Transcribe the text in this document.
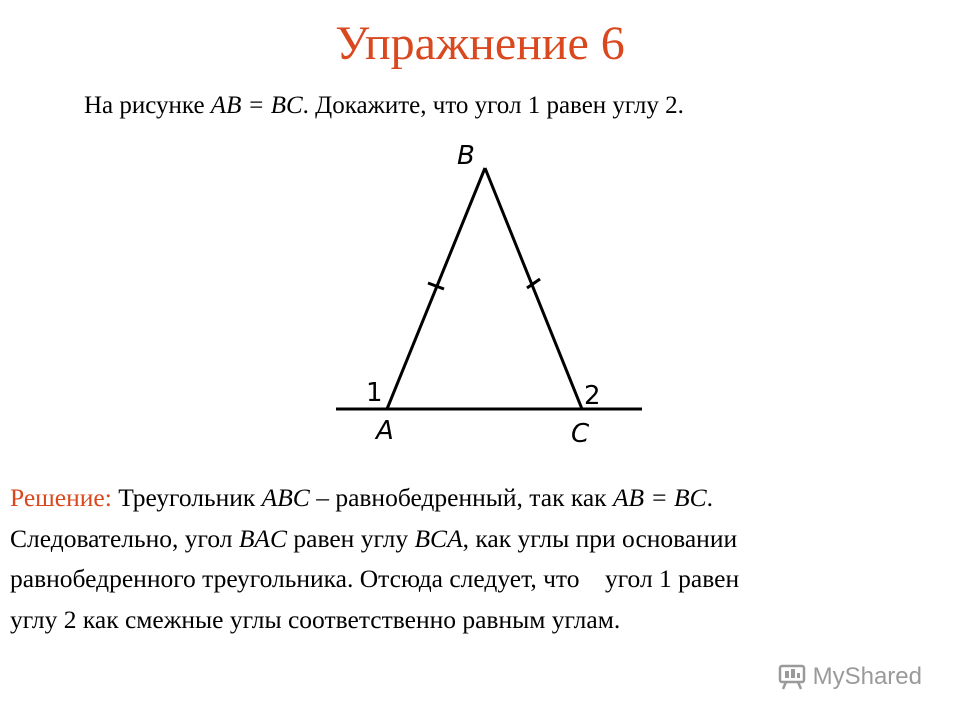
Упражнение 6
На рисунке AB = BC. Докажите, что угол 1 равен углу 2.
B
A	C
1	2
Решение: Треугольник ABC – равнобедренный, так как AB = BC.
Следовательно, угол BAC равен углу BCA, как углы при основании
равнобедренного треугольника. Отсюда следует, что    угол 1 равен
углу 2 как смежные углы соответственно равным углам.
MyShared
